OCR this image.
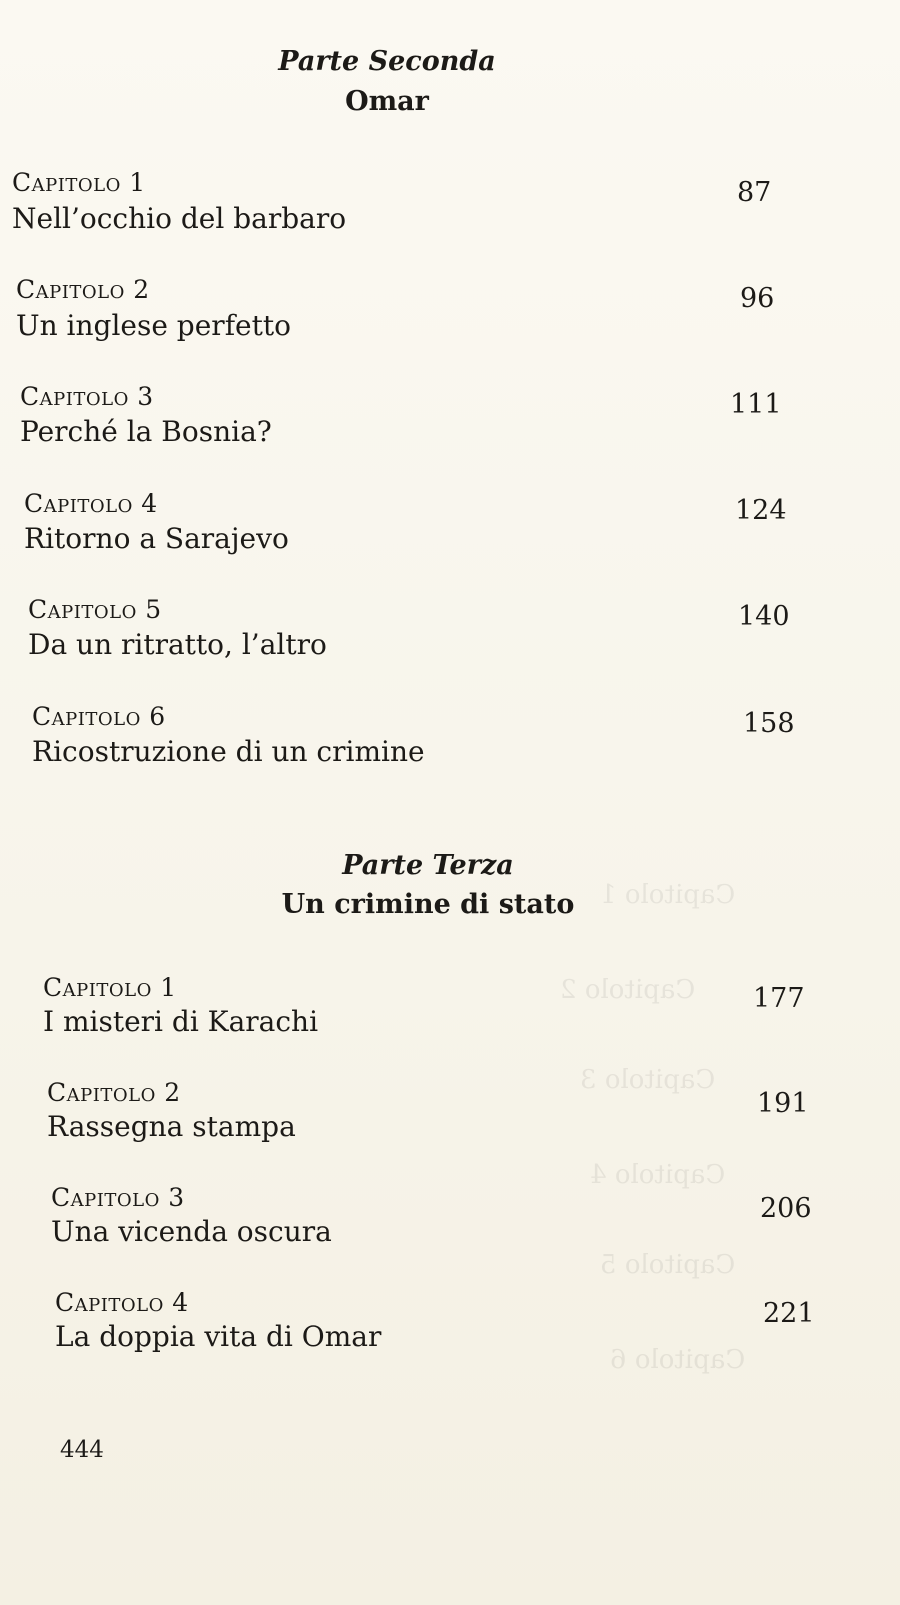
Capitolo 1
Capitolo 2
Capitolo 3
Capitolo 4
Capitolo 5
Capitolo 6
Parte Seconda
Omar
Capitolo 1
Nell’occhio del barbaro
87
Capitolo 2
Un inglese perfetto
96
Capitolo 3
Perché la Bosnia?
111
Capitolo 4
Ritorno a Sarajevo
124
Capitolo 5
Da un ritratto, l’altro
140
Capitolo 6
Ricostruzione di un crimine
158
Parte Terza
Un crimine di stato
Capitolo 1
I misteri di Karachi
177
Capitolo 2
Rassegna stampa
191
Capitolo 3
Una vicenda oscura
206
Capitolo 4
La doppia vita di Omar
221
444
